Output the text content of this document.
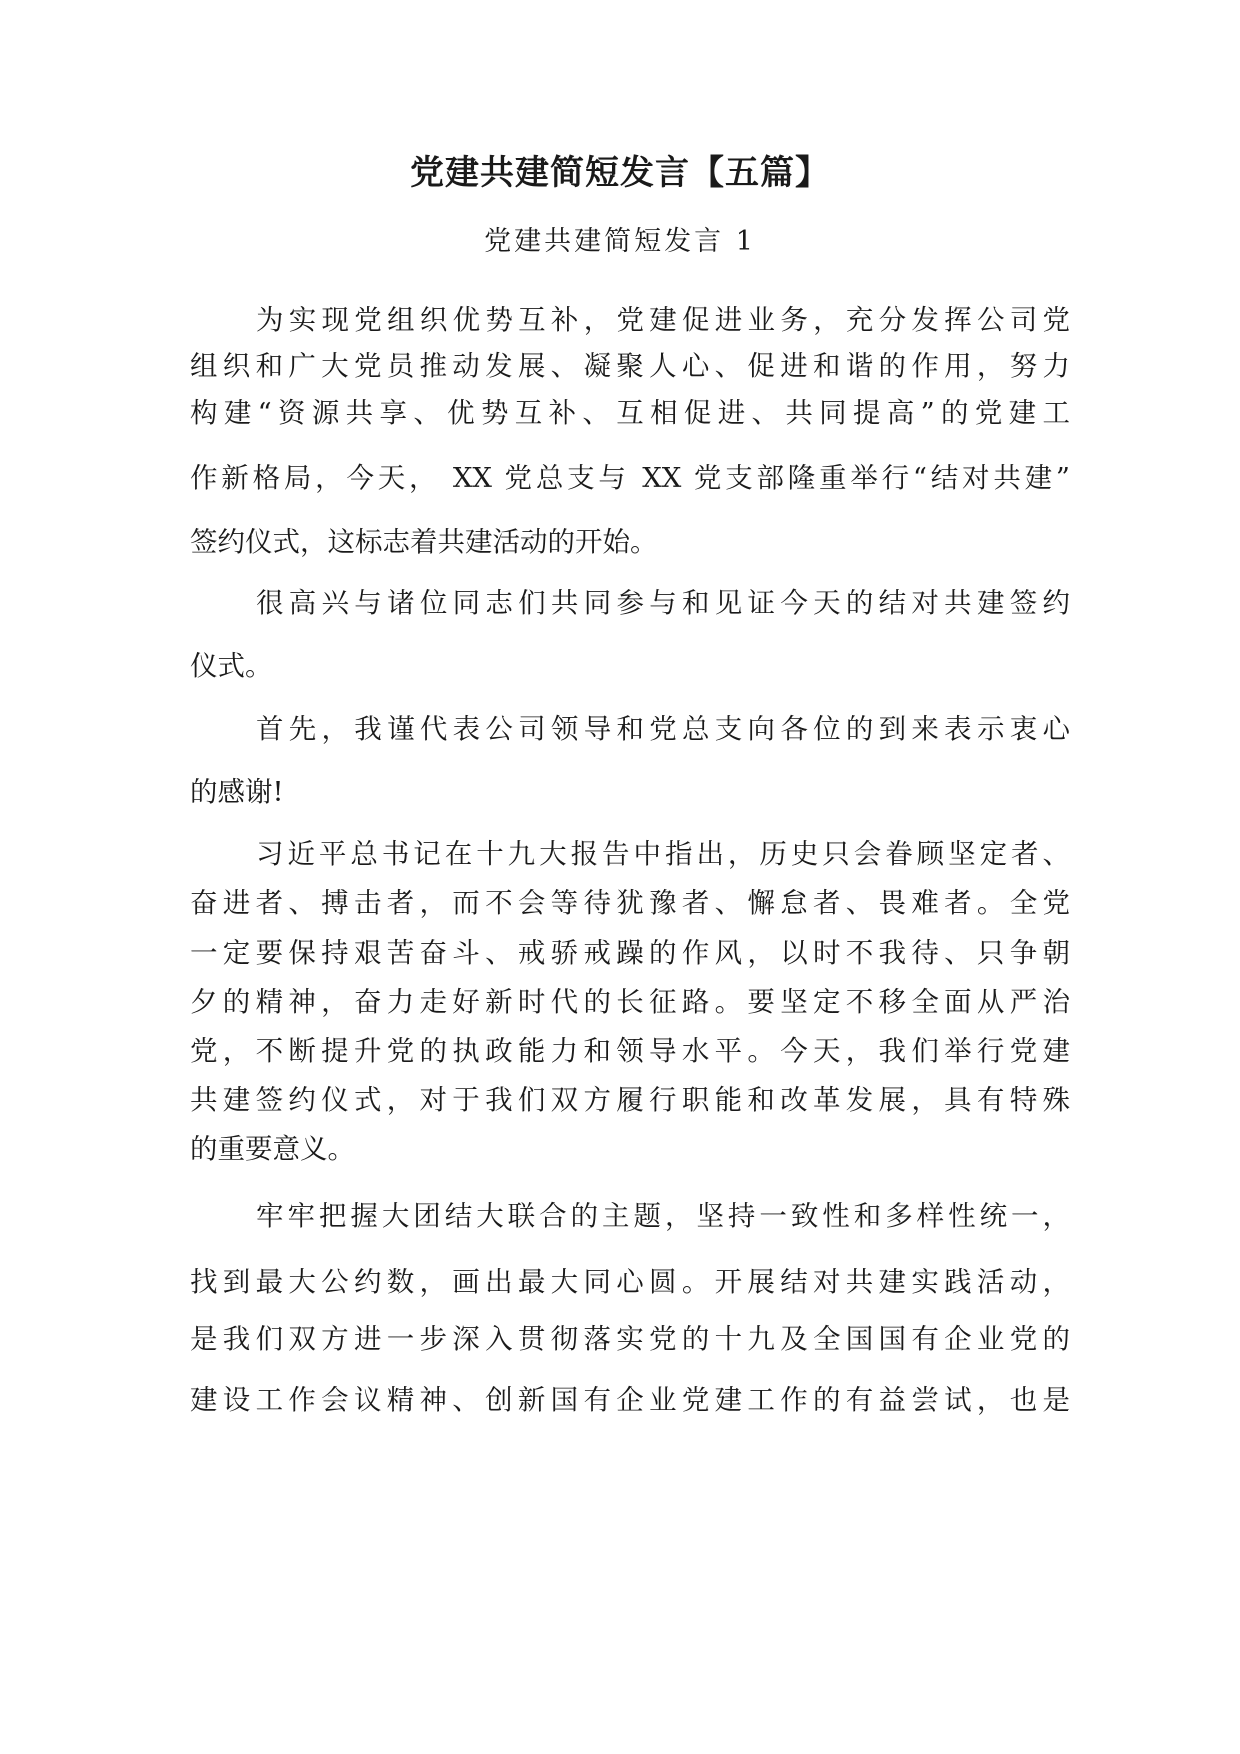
党建共建简短发言【五篇】
党建共建简短发言 1
为实现党组织优势互补，党建促进业务，充分发挥公司党
组织和广大党员推动发展、凝聚人心、促进和谐的作用，努力
构建“资源共享、优势互补、互相促进、共同提高”的党建工
作新格局，今天， XX 党总支与 XX 党支部隆重举行“结对共建”
签约仪式，这标志着共建活动的开始。
很高兴与诸位同志们共同参与和见证今天的结对共建签约
仪式。
首先，我谨代表公司领导和党总支向各位的到来表示衷心
的感谢!
习近平总书记在十九大报告中指出，历史只会眷顾坚定者、
奋进者、搏击者，而不会等待犹豫者、懈怠者、畏难者。全党
一定要保持艰苦奋斗、戒骄戒躁的作风，以时不我待、只争朝
夕的精神，奋力走好新时代的长征路。要坚定不移全面从严治
党，不断提升党的执政能力和领导水平。今天，我们举行党建
共建签约仪式，对于我们双方履行职能和改革发展，具有特殊
的重要意义。
牢牢把握大团结大联合的主题，坚持一致性和多样性统一，
找到最大公约数，画出最大同心圆。开展结对共建实践活动，
是我们双方进一步深入贯彻落实党的十九及全国国有企业党的
建设工作会议精神、创新国有企业党建工作的有益尝试，也是
